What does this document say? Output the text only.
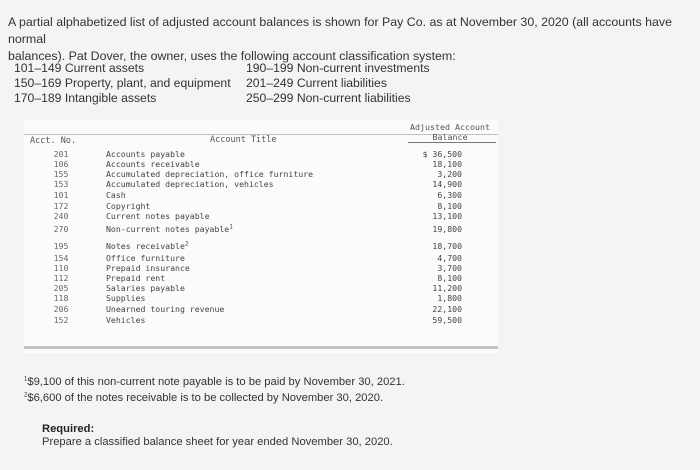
A partial alphabetized list of adjusted account balances is shown for Pay Co. as at November 30, 2020 (all accounts have normal
balances). Pat Dover, the owner, uses the following account classification system:
101–149 Current assets
150–169 Property, plant, and equipment
170–189 Intangible assets
190–199 Non-current investments
201–249 Current liabilities
250–299 Non-current liabilities
Acct. No.	Account Title
Adjusted Account
Balance
201	Accounts payable	$ 36,500
106	Accounts receivable	18,100
155	Accumulated depreciation, office furniture	3,200
153	Accumulated depreciation, vehicles	14,900
101	Cash	6,300
172	Copyright	8,100
240	Current notes payable	13,100
270	Non-current notes payable$^1$	19,800
195	Notes receivable$^2$	18,700
154	Office furniture	4,700
110	Prepaid insurance	3,700
112	Prepaid rent	8,100
205	Salaries payable	11,200
118	Supplies	1,800
206	Unearned touring revenue	22,100
152	Vehicles	59,500
$^1$\$9,100 of this non-current note payable is to be paid by November 30, 2021.
$^2$\$6,600 of the notes receivable is to be collected by November 30, 2020.
Required:
Prepare a classified balance sheet for year ended November 30, 2020.
